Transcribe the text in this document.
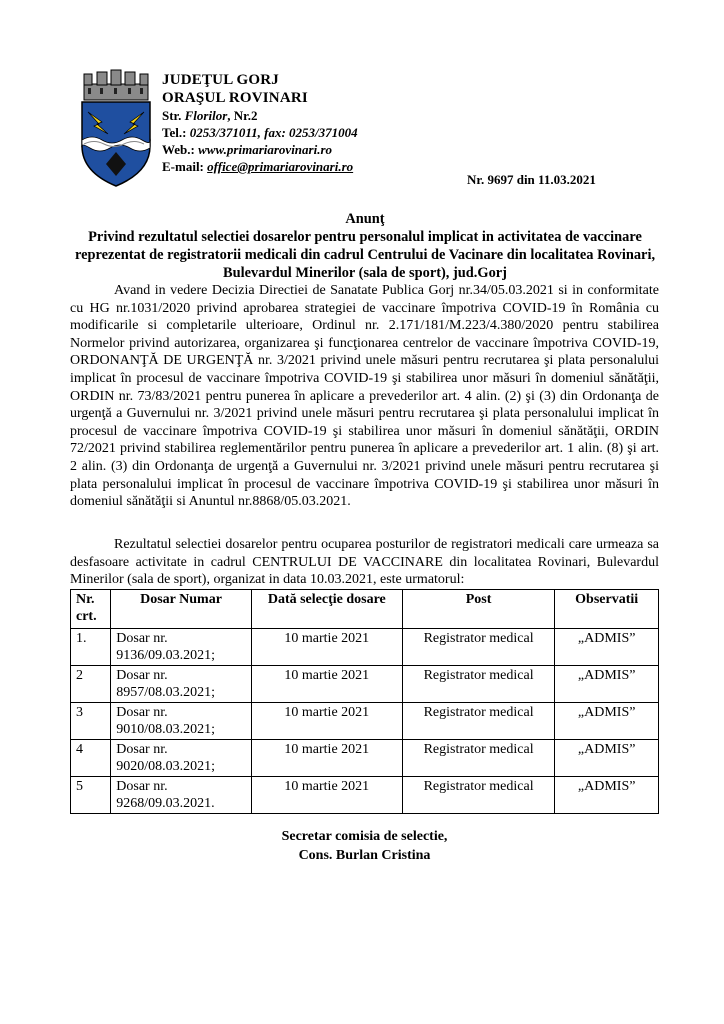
JUDEŢUL GORJ
ORAŞUL ROVINARI
Str. Florilor, Nr.2
Tel.: 0253/371011, fax: 0253/371004
Web.: www.primariarovinari.ro
E-mail: office@primariarovinari.ro
Nr. 9697 din 11.03.2021
Anunţ
Privind rezultatul selectiei dosarelor pentru personalul implicat in activitatea de vaccinare reprezentat de registratorii medicali din cadrul Centrului de Vacinare din localitatea Rovinari, Bulevardul Minerilor (sala de sport), jud.Gorj
Avand in vedere Decizia Directiei de Sanatate Publica Gorj nr.34/05.03.2021 si in conformitate cu HG nr.1031/2020 privind aprobarea strategiei de vaccinare împotriva COVID-19 în România cu modificarile si completarile ulterioare, Ordinul nr. 2.171/181/M.223/4.380/2020 pentru stabilirea Normelor privind autorizarea, organizarea şi funcţionarea centrelor de vaccinare împotriva COVID-19, ORDONANŢĂ DE URGENŢĂ nr. 3/2021 privind unele măsuri pentru recrutarea şi plata personalului implicat în procesul de vaccinare împotriva COVID-19 şi stabilirea unor măsuri în domeniul sănătăţii, ORDIN nr. 73/83/2021 pentru punerea în aplicare a prevederilor art. 4 alin. (2) şi (3) din Ordonanţa de urgenţă a Guvernului nr. 3/2021 privind unele măsuri pentru recrutarea şi plata personalului implicat în procesul de vaccinare împotriva COVID-19 şi stabilirea unor măsuri în domeniul sănătăţii, ORDIN 72/2021 privind stabilirea reglementărilor pentru punerea în aplicare a prevederilor art. 1 alin. (8) şi art. 2 alin. (3) din Ordonanţa de urgenţă a Guvernului nr. 3/2021 privind unele măsuri pentru recrutarea şi plata personalului implicat în procesul de vaccinare împotriva COVID-19 şi stabilirea unor măsuri în domeniul sănătăţii si Anuntul nr.8868/05.03.2021.
Rezultatul selectiei dosarelor pentru ocuparea posturilor de registratori medicali care urmeaza sa desfasoare activitate in cadrul CENTRULUI DE VACCINARE din localitatea Rovinari, Bulevardul Minerilor (sala de sport), organizat in data 10.03.2021, este urmatorul:
Nr. crt.	Dosar Numar	Dată selecţie dosare	Post	Observatii
1.	Dosar nr. 9136/09.03.2021;	10 martie 2021	Registrator medical	„ADMIS”
2	Dosar nr. 8957/08.03.2021;	10 martie 2021	Registrator medical	„ADMIS”
3	Dosar nr. 9010/08.03.2021;	10 martie 2021	Registrator medical	„ADMIS”
4	Dosar nr. 9020/08.03.2021;	10 martie 2021	Registrator medical	„ADMIS”
5	Dosar nr. 9268/09.03.2021.	10 martie 2021	Registrator medical	„ADMIS”
Secretar comisia de selectie,
Cons. Burlan Cristina
